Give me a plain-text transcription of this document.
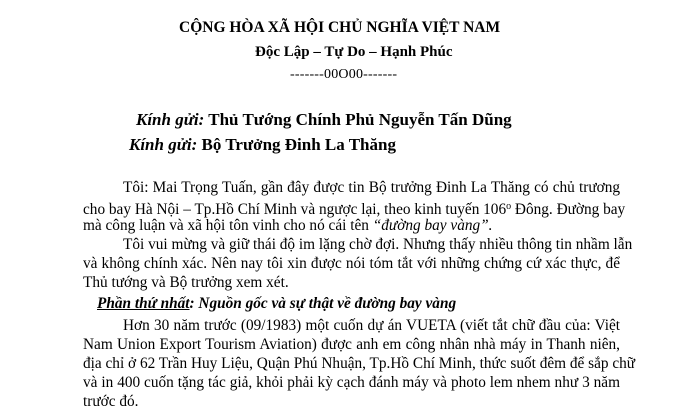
CỘNG HÒA XÃ HỘI CHỦ NGHĨA VIỆT NAM
Độc Lập – Tự Do – Hạnh Phúc
-------00O00-------
Kính gửi: Thủ Tướng Chính Phủ Nguyễn Tấn Dũng
Kính gửi: Bộ Trưởng Đinh La Thăng
Tôi: Mai Trọng Tuấn, gần đây được tin Bộ trưởng Đinh La Thăng có chủ trương
cho bay Hà Nội – Tp.Hồ Chí Minh và ngược lại, theo kinh tuyến 106$^o$ Đông. Đường bay
mà công luận và xã hội tôn vinh cho nó cái tên “đường bay vàng”.
Tôi vui mừng và giữ thái độ im lặng chờ đợi. Nhưng thấy nhiều thông tin nhầm lẫn
và không chính xác. Nên nay tôi xin được nói tóm tắt với những chứng cứ xác thực, để
Thủ tướng và Bộ trưởng xem xét.
Phần thứ nhất: Nguồn gốc và sự thật về đường bay vàng
Hơn 30 năm trước (09/1983) một cuốn dự án VUETA (viết tắt chữ đầu của: Việt
Nam Union Export Tourism Aviation) được anh em công nhân nhà máy in Thanh niên,
địa chỉ ở 62 Trần Huy Liệu, Quận Phú Nhuận, Tp.Hồ Chí Minh, thức suốt đêm để sắp chữ
và in 400 cuốn tặng tác giả, khỏi phải kỳ cạch đánh máy và photo lem nhem như 3 năm
trước đó.
